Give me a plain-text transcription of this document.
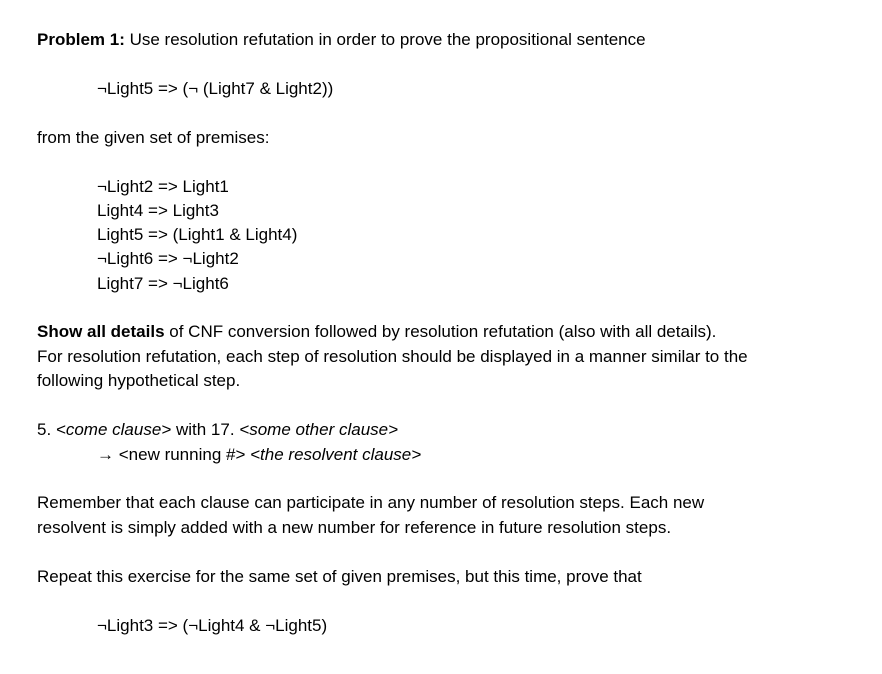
Problem 1: Use resolution refutation in order to prove the propositional sentence
¬Light5 => (¬ (Light7 & Light2))
from the given set of premises:
¬Light2 => Light1
Light4 => Light3
Light5 => (Light1 & Light4)
¬Light6 => ¬Light2
Light7 => ¬Light6
Show all details of CNF conversion followed by resolution refutation (also with all details).
For resolution refutation, each step of resolution should be displayed in a manner similar to the
following hypothetical step.
5. <come clause> with 17. <some other clause>
→ <new running #> <the resolvent clause>
Remember that each clause can participate in any number of resolution steps. Each new
resolvent is simply added with a new number for reference in future resolution steps.
Repeat this exercise for the same set of given premises, but this time, prove that
¬Light3 => (¬Light4 & ¬Light5)
